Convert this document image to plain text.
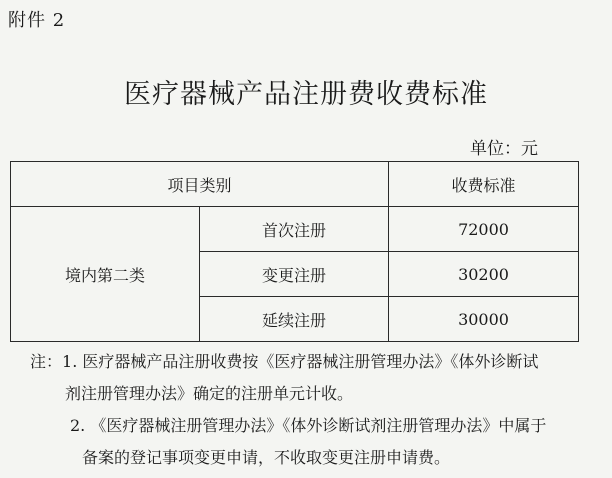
附件 2
医疗器械产品注册费收费标准
单位：元
项目类别		收费标准
境内第二类	首次注册	72000
	变更注册	30200
	延续注册	30000
注：1. 医疗器械产品注册收费按《医疗器械注册管理办法》《体外诊断试
剂注册管理办法》确定的注册单元计收。
2. 《医疗器械注册管理办法》《体外诊断试剂注册管理办法》中属于
备案的登记事项变更申请，不收取变更注册申请费。
